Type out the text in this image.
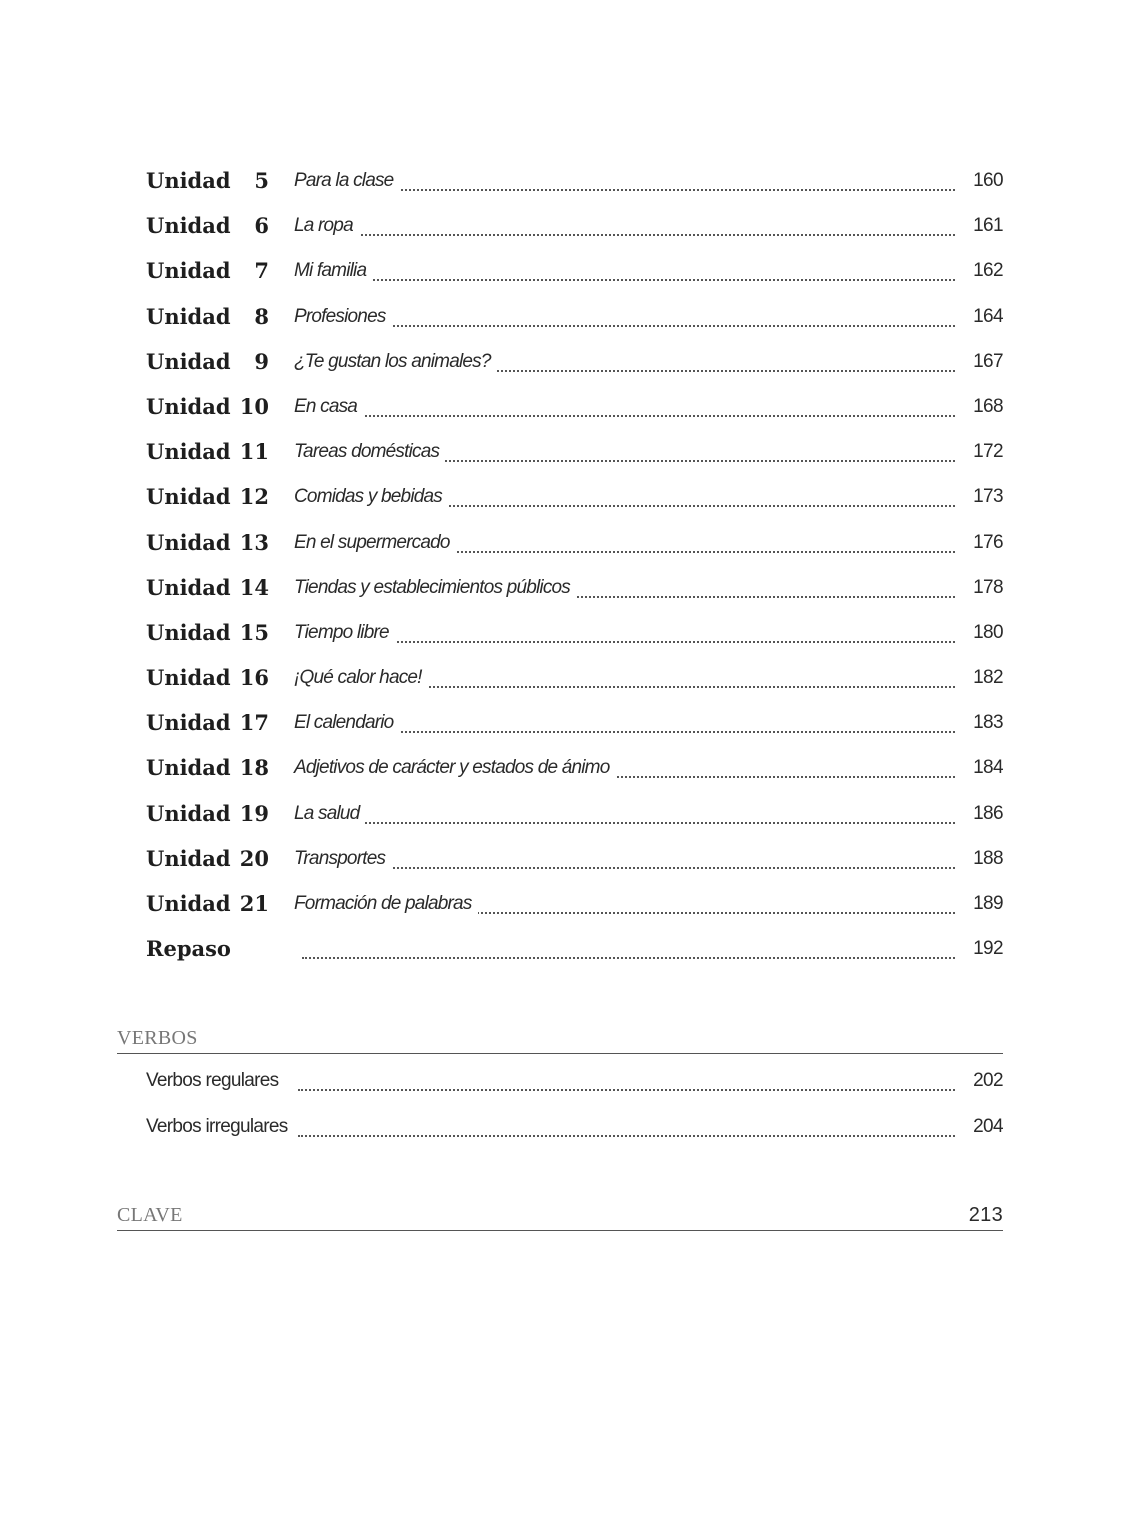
Unidad	5 Para la clase	160
Unidad	6 La ropa	161
Unidad	7 Mi familia	162
Unidad	8 Profesiones	164
Unidad	9 ¿Te gustan los animales?	167
Unidad 10 En casa	168
Unidad 11 Tareas domésticas	172
Unidad 12 Comidas y bebidas	173
Unidad 13 En el supermercado	176
Unidad 14 Tiendas y establecimientos públicos	178
Unidad 15 Tiempo libre	180
Unidad 16 ¡Qué calor hace!	182
Unidad 17 El calendario	183
Unidad 18 Adjetivos de carácter y estados de ánimo	184
Unidad 19 La salud	186
Unidad 20 Transportes	188
Unidad 21 Formación de palabras	189
Repaso	192
VERBOS
Verbos regulares	202
Verbos irregulares	204
CLAVE	213
